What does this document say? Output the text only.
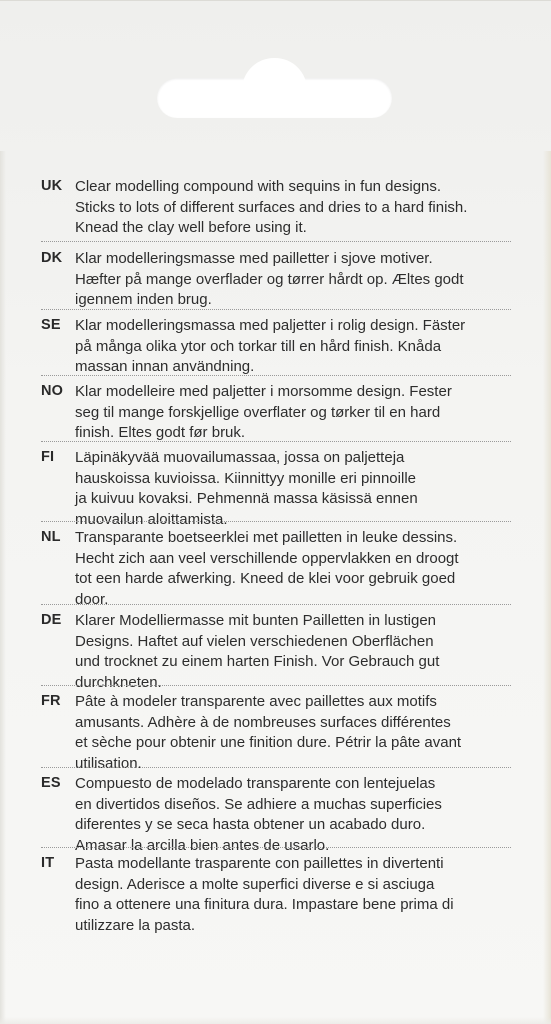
UK Clear modelling compound with sequins in fun designs.
Sticks to lots of different surfaces and dries to a hard finish.
Knead the clay well before using it.
DK Klar modelleringsmasse med pailletter i sjove motiver.
Hæfter på mange overflader og tørrer hårdt op. Æltes godt
igennem inden brug.
SE Klar modelleringsmassa med paljetter i rolig design. Fäster
på många olika ytor och torkar till en hård finish. Knåda
massan innan användning.
NO Klar modelleire med paljetter i morsomme design. Fester
seg til mange forskjellige overflater og tørker til en hard
finish. Eltes godt før bruk.
FI Läpinäkyvää muovailumassaa, jossa on paljetteja
hauskoissa kuvioissa. Kiinnittyy monille eri pinnoille
ja kuivuu kovaksi. Pehmennä massa käsissä ennen
muovailun aloittamista.
NL Transparante boetseerklei met pailletten in leuke dessins.
Hecht zich aan veel verschillende oppervlakken en droogt
tot een harde afwerking. Kneed de klei voor gebruik goed
door.
DE Klarer Modelliermasse mit bunten Pailletten in lustigen
Designs. Haftet auf vielen verschiedenen Oberflächen
und trocknet zu einem harten Finish. Vor Gebrauch gut
durchkneten.
FR Pâte à modeler transparente avec paillettes aux motifs
amusants. Adhère à de nombreuses surfaces différentes
et sèche pour obtenir une finition dure. Pétrir la pâte avant
utilisation.
ES Compuesto de modelado transparente con lentejuelas
en divertidos diseños. Se adhiere a muchas superficies
diferentes y se seca hasta obtener un acabado duro.
Amasar la arcilla bien antes de usarlo.
IT Pasta modellante trasparente con paillettes in divertenti
design. Aderisce a molte superfici diverse e si asciuga
fino a ottenere una finitura dura. Impastare bene prima di
utilizzare la pasta.
